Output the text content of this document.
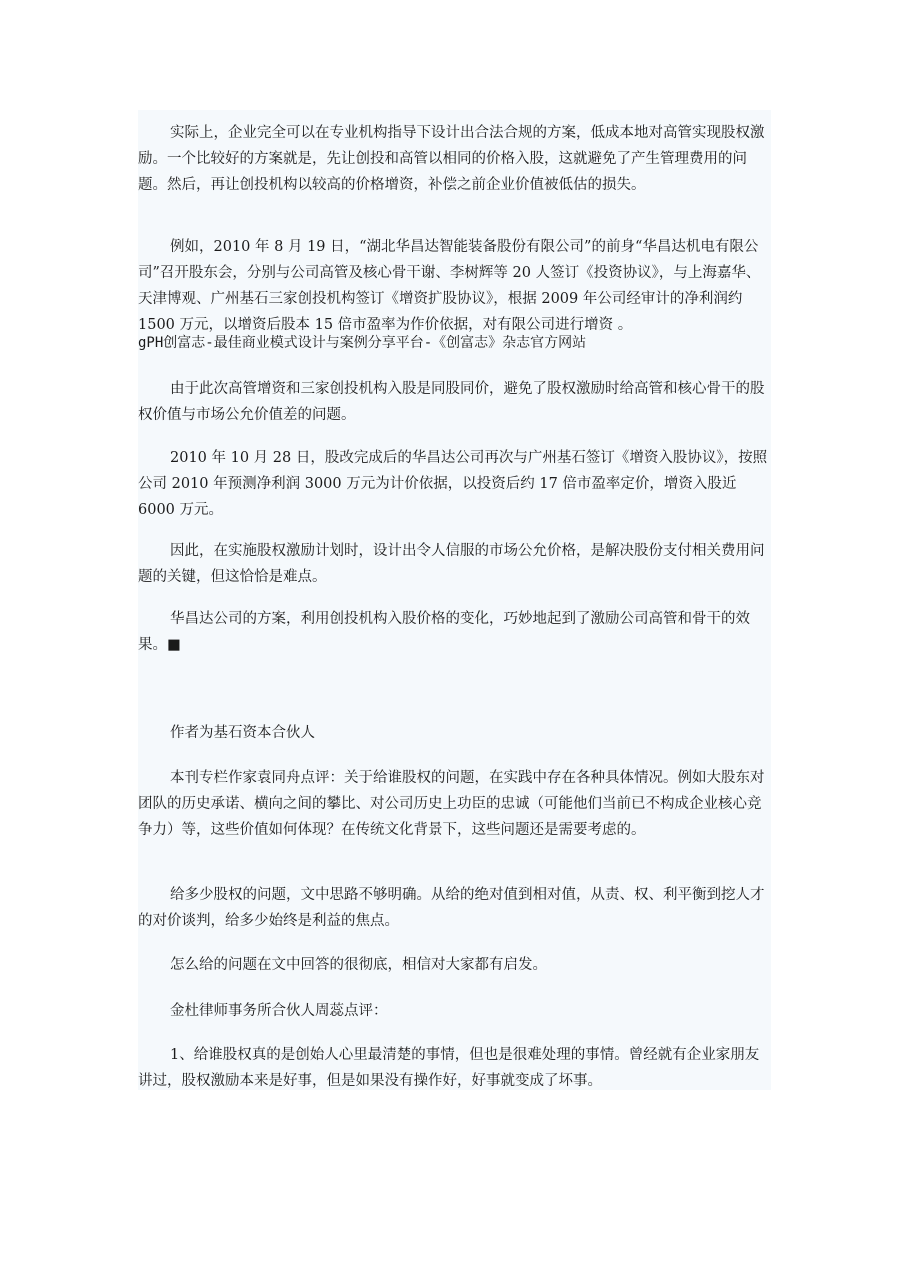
实际上，企业完全可以在专业机构指导下设计出合法合规的方案，低成本地对高管实现股权激励。一个比较好的方案就是，先让创投和高管以相同的价格入股，这就避免了产生管理费用的问题。然后，再让创投机构以较高的价格增资，补偿之前企业价值被低估的损失。

例如，2010 年 8 月 19 日，“湖北华昌达智能装备股份有限公司”的前身“华昌达机电有限公司”召开股东会，分别与公司高管及核心骨干谢、李树辉等 20 人签订《投资协议》，与上海嘉华、天津博观、广州基石三家创投机构签订《增资扩股协议》，根据 2009 年公司经审计的净利润约 1500 万元，以增资后股本 15 倍市盈率为作价依据，对有限公司进行增资 。

gPH创富志-最佳商业模式设计与案例分享平台-《创富志》杂志官方网站

由于此次高管增资和三家创投机构入股是同股同价，避免了股权激励时给高管和核心骨干的股权价值与市场公允价值差的问题。

2010 年 10 月 28 日，股改完成后的华昌达公司再次与广州基石签订《增资入股协议》，按照公司 2010 年预测净利润 3000 万元为计价依据，以投资后约 17 倍市盈率定价，增资入股近 6000 万元。

因此，在实施股权激励计划时，设计出令人信服的市场公允价格，是解决股份支付相关费用问题的关键，但这恰恰是难点。

华昌达公司的方案，利用创投机构入股价格的变化，巧妙地起到了激励公司高管和骨干的效果。■

作者为基石资本合伙人

本刊专栏作家袁同舟点评：关于给谁股权的问题，在实践中存在各种具体情况。例如大股东对团队的历史承诺、横向之间的攀比、对公司历史上功臣的忠诚（可能他们当前已不构成企业核心竞争力）等，这些价值如何体现？在传统文化背景下，这些问题还是需要考虑的。

给多少股权的问题，文中思路不够明确。从给的绝对值到相对值，从责、权、利平衡到挖人才的对价谈判，给多少始终是利益的焦点。

怎么给的问题在文中回答的很彻底，相信对大家都有启发。

金杜律师事务所合伙人周蕊点评：

1、给谁股权真的是创始人心里最清楚的事情，但也是很难处理的事情。曾经就有企业家朋友讲过，股权激励本来是好事，但是如果没有操作好，好事就变成了坏事。
